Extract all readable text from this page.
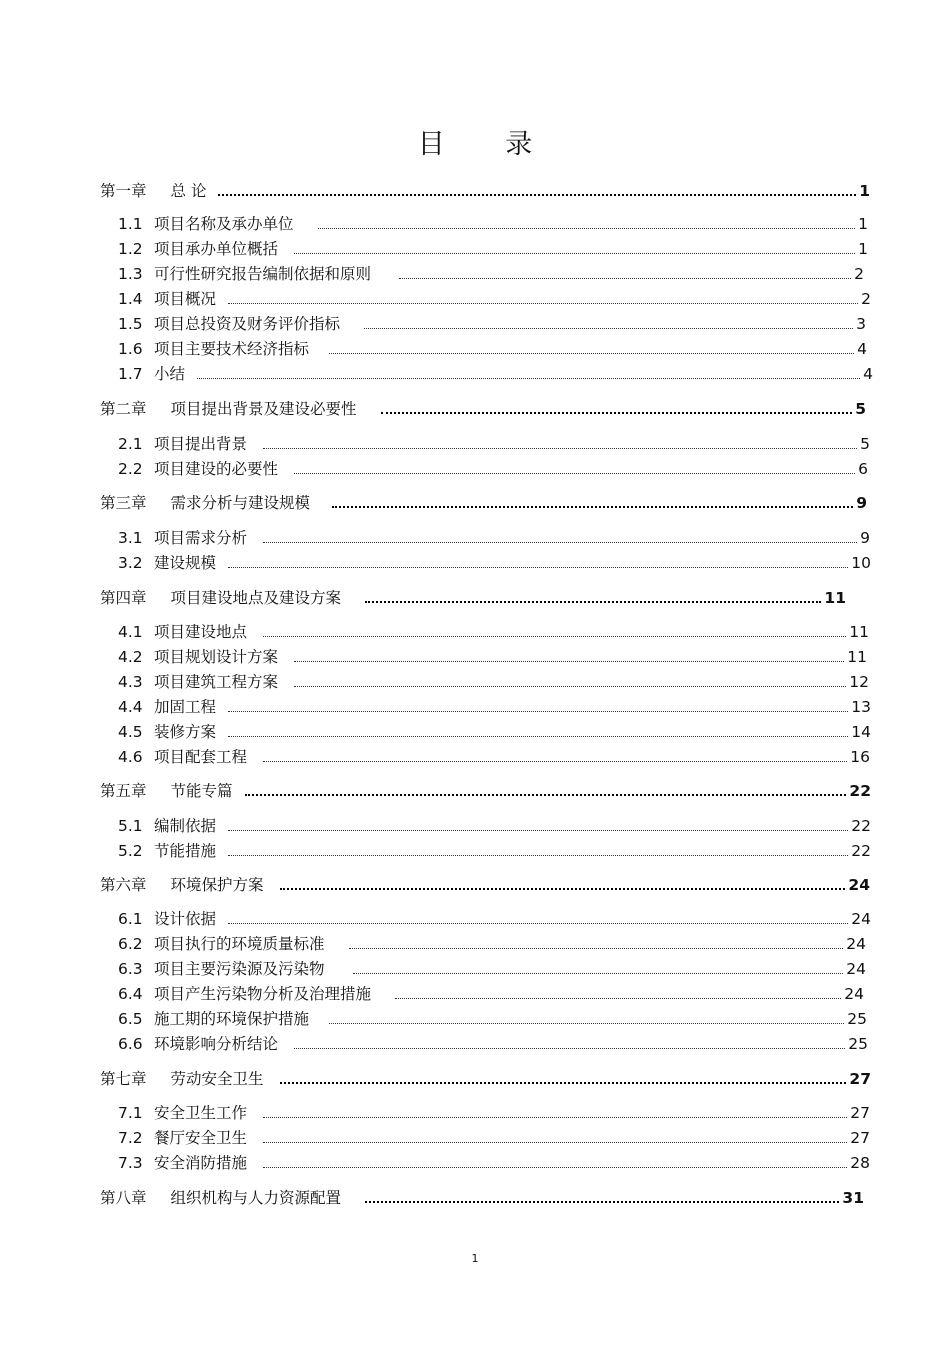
目 录
第一章 总 论	1
1.1 项目名称及承办单位	1
1.2 项目承办单位概括	1
1.3 可行性研究报告编制依据和原则	2
1.4 项目概况	2
1.5 项目总投资及财务评价指标	3
1.6 项目主要技术经济指标	4
1.7 小结	4
第二章 项目提出背景及建设必要性	5
2.1 项目提出背景	5
2.2 项目建设的必要性	6
第三章 需求分析与建设规模	9
3.1 项目需求分析	9
3.2 建设规模	10
第四章 项目建设地点及建设方案	11
4.1 项目建设地点	11
4.2 项目规划设计方案	11
4.3 项目建筑工程方案	12
4.4 加固工程	13
4.5 装修方案	14
4.6 项目配套工程	16
第五章 节能专篇	22
5.1 编制依据	22
5.2 节能措施	22
第六章 环境保护方案	24
6.1 设计依据	24
6.2 项目执行的环境质量标准	24
6.3 项目主要污染源及污染物	24
6.4 项目产生污染物分析及治理措施	24
6.5 施工期的环境保护措施	25
6.6 环境影响分析结论	25
第七章 劳动安全卫生	27
7.1 安全卫生工作	27
7.2 餐厅安全卫生	27
7.3 安全消防措施	28
第八章 组织机构与人力资源配置	31
1
